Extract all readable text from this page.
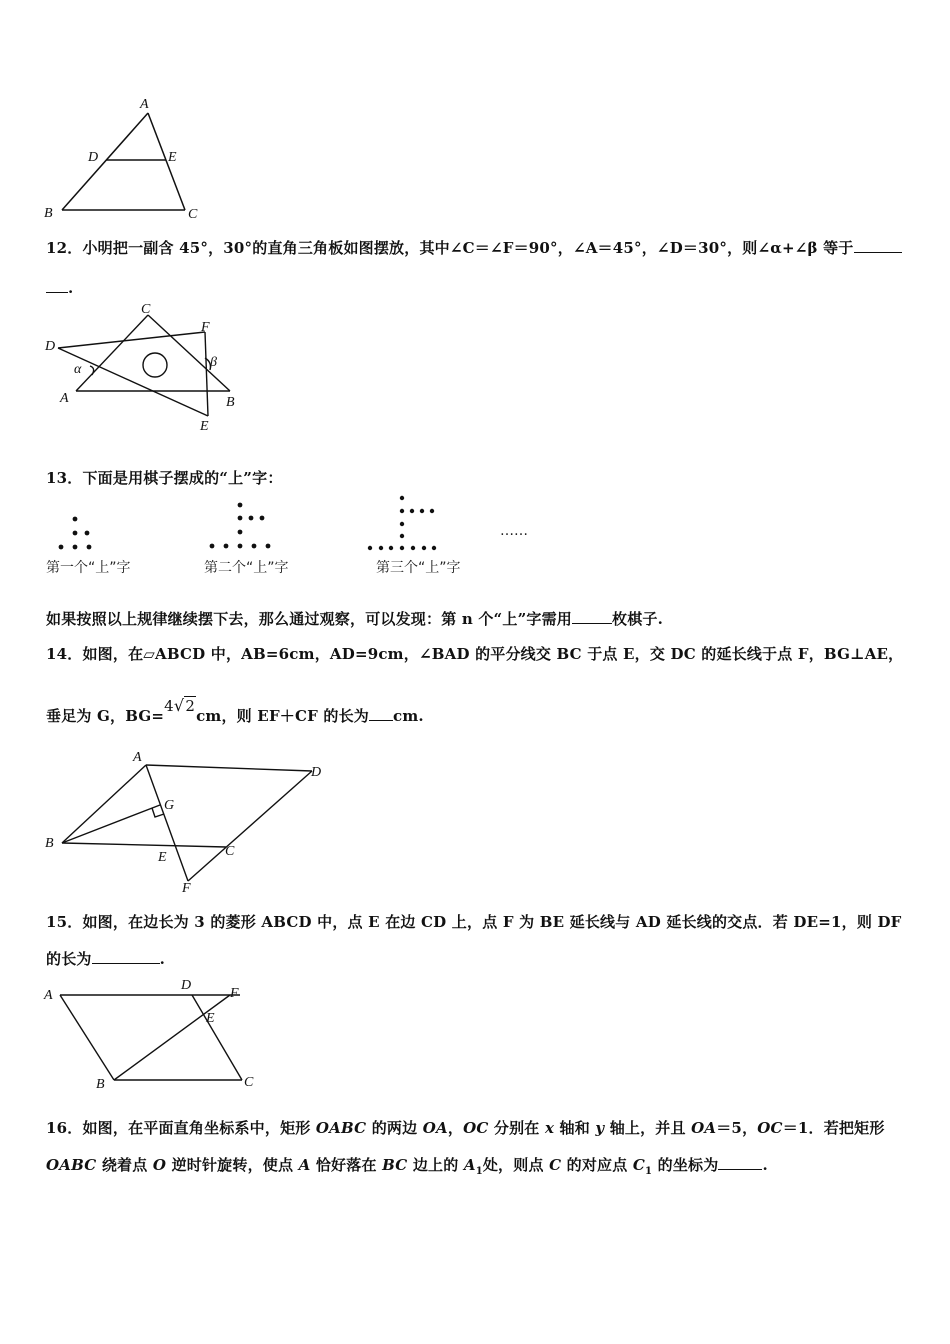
A
B	C
D	E
12．小明把一副含 45°，30°的直角三角板如图摆放，其中∠C＝∠F＝90°，∠A＝45°，∠D＝30°，则∠α+∠β 等于
.
A	B
C
D
E
F
α	β
13．下面是用棋子摆成的“上”字：
……
第一个“上”字	第二个“上”字	第三个“上”字
如果按照以上规律继续摆下去，那么通过观察，可以发现：第 n 个“上”字需用	枚棋子.
14．如图，在▱ABCD 中，AB=6cm，AD=9cm，∠BAD 的平分线交 BC 于点 E，交 DC 的延长线于点 F，BG⊥AE，
垂足为 G，BG=4√2cm，则 EF＋CF 的长为 cm.
A
B
C
D
E
F
G
15．如图，在边长为 3 的菱形 ABCD 中，点 E 在边 CD 上，点 F 为 BE 延长线与 AD 延长线的交点．若 DE=1，则 DF
的长为	.
A
B	C
D
E
F
16．如图，在平面直角坐标系中，矩形 OABC 的两边 OA，OC 分别在 x 轴和 y 轴上，并且 OA＝5，OC＝1．若把矩形
OABC 绕着点 O 逆时针旋转，使点 A 恰好落在 BC 边上的 $A_1$处，则点 C 的对应点 $C_1$ 的坐标为	.
